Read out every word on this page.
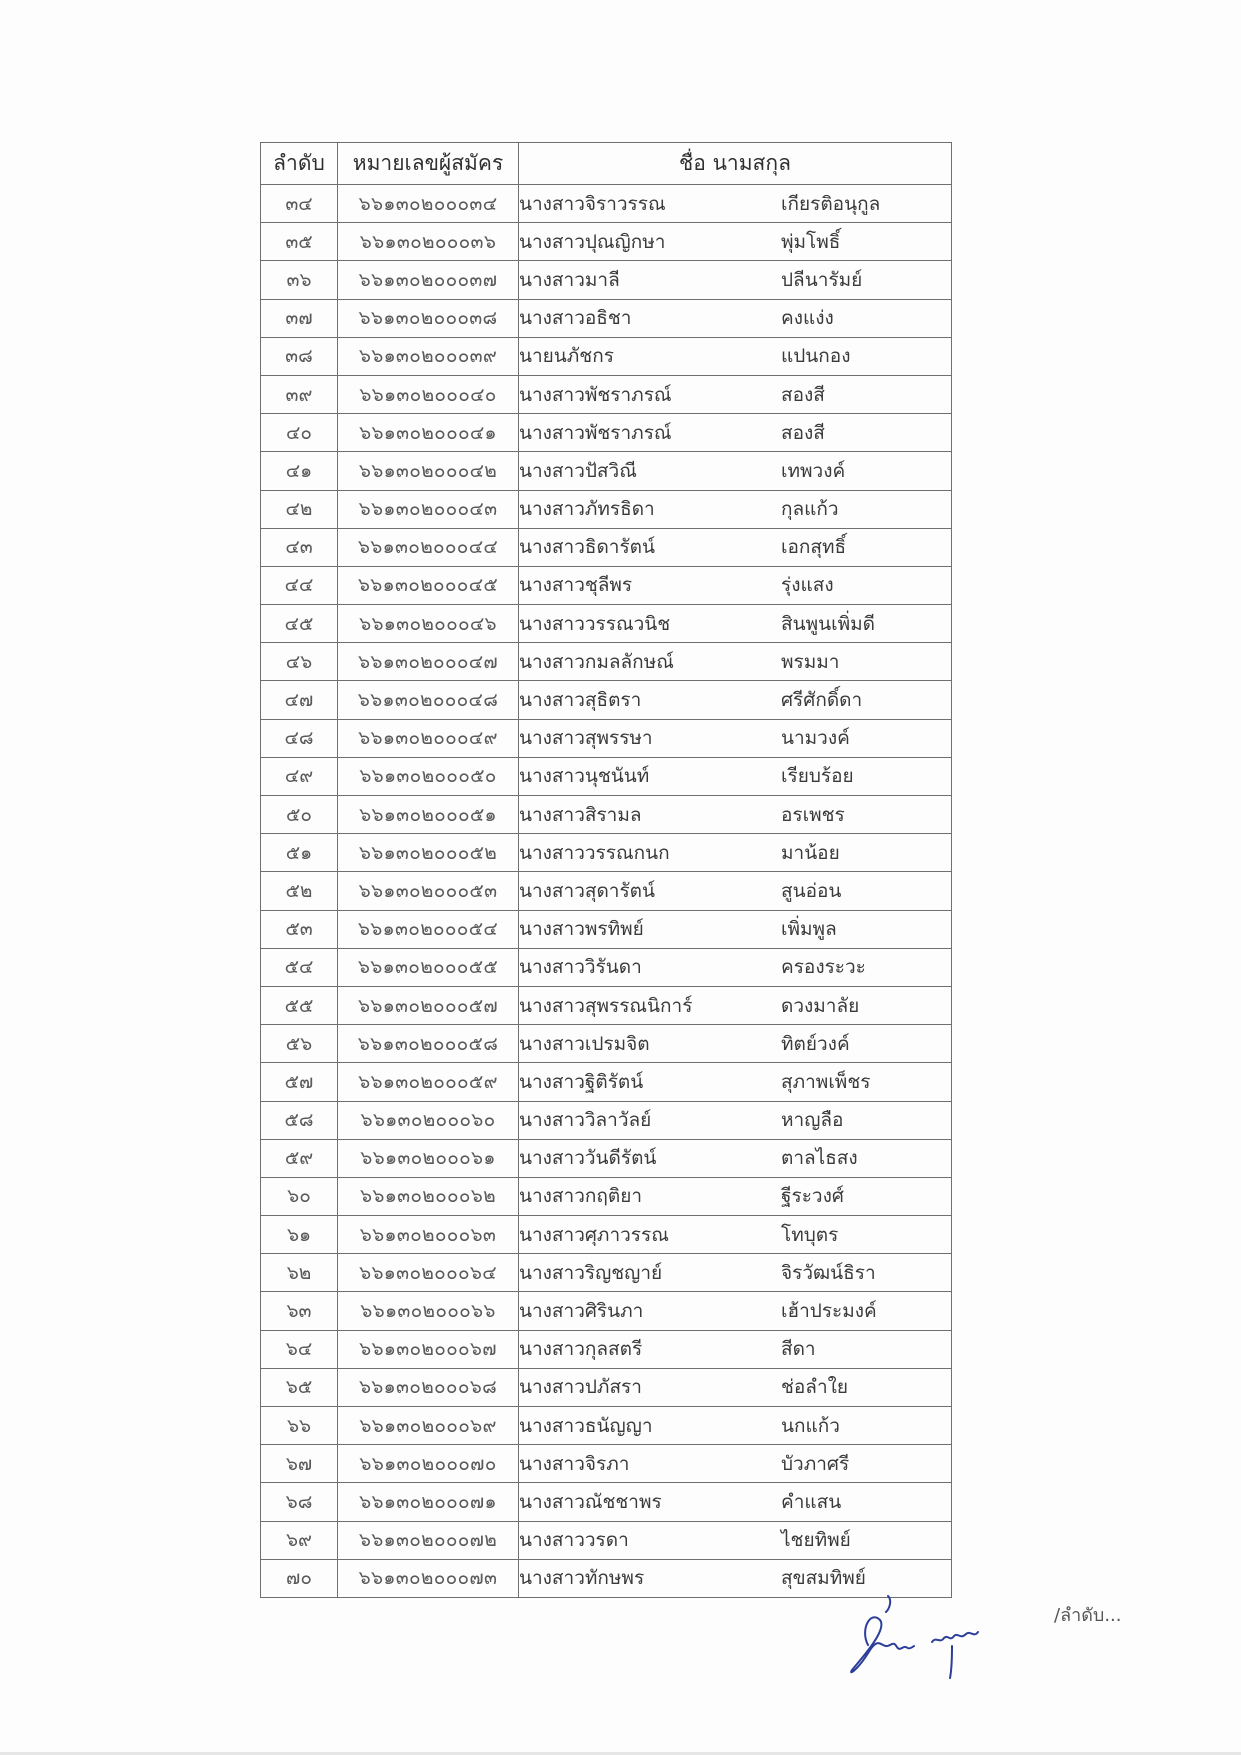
ลำดับ	หมายเลขผู้สมัคร	ชื่อ นามสกุล
๓๔	๖๖๑๓๐๒๐๐๐๓๔	นางสาวจิราวรรณ เกียรติอนุกูล
๓๕	๖๖๑๓๐๒๐๐๐๓๖	นางสาวปุณญิกษา พุ่มโพธิ์
๓๖	๖๖๑๓๐๒๐๐๐๓๗	นางสาวมาลี ปลีนารัมย์
๓๗	๖๖๑๓๐๒๐๐๐๓๘	นางสาวอธิชา คงแง่ง
๓๘	๖๖๑๓๐๒๐๐๐๓๙	นายนภัชกร แปนกอง
๓๙	๖๖๑๓๐๒๐๐๐๔๐	นางสาวพัชราภรณ์ สองสี
๔๐	๖๖๑๓๐๒๐๐๐๔๑	นางสาวพัชราภรณ์ สองสี
๔๑	๖๖๑๓๐๒๐๐๐๔๒	นางสาวปัสวิณี เทพวงค์
๔๒	๖๖๑๓๐๒๐๐๐๔๓	นางสาวภัทรธิดา กุลแก้ว
๔๓	๖๖๑๓๐๒๐๐๐๔๔	นางสาวธิดารัตน์ เอกสุทธิ์
๔๔	๖๖๑๓๐๒๐๐๐๔๕	นางสาวชุลีพร รุ่งแสง
๔๕	๖๖๑๓๐๒๐๐๐๔๖	นางสาววรรณวนิช สินพูนเพิ่มดี
๔๖	๖๖๑๓๐๒๐๐๐๔๗	นางสาวกมลลักษณ์ พรมมา
๔๗	๖๖๑๓๐๒๐๐๐๔๘	นางสาวสุธิตรา ศรีศักดิ์ดา
๔๘	๖๖๑๓๐๒๐๐๐๔๙	นางสาวสุพรรษา นามวงค์
๔๙	๖๖๑๓๐๒๐๐๐๕๐	นางสาวนุชนันท์ เรียบร้อย
๕๐	๖๖๑๓๐๒๐๐๐๕๑	นางสาวสิรามล อรเพชร
๕๑	๖๖๑๓๐๒๐๐๐๕๒	นางสาววรรณกนก มาน้อย
๕๒	๖๖๑๓๐๒๐๐๐๕๓	นางสาวสุดารัตน์ สูนอ่อน
๕๓	๖๖๑๓๐๒๐๐๐๕๔	นางสาวพรทิพย์ เพิ่มพูล
๕๔	๖๖๑๓๐๒๐๐๐๕๕	นางสาววิรันดา ครองระวะ
๕๕	๖๖๑๓๐๒๐๐๐๕๗	นางสาวสุพรรณนิการ์ ดวงมาลัย
๕๖	๖๖๑๓๐๒๐๐๐๕๘	นางสาวเปรมจิต ทิตย์วงค์
๕๗	๖๖๑๓๐๒๐๐๐๕๙	นางสาวฐิติรัตน์ สุภาพเพ็ชร
๕๘	๖๖๑๓๐๒๐๐๐๖๐	นางสาววิลาวัลย์ หาญลือ
๕๙	๖๖๑๓๐๒๐๐๐๖๑	นางสาววันดีรัตน์ ตาลไธสง
๖๐	๖๖๑๓๐๒๐๐๐๖๒	นางสาวกฤติยา ฐีระวงศ์
๖๑	๖๖๑๓๐๒๐๐๐๖๓	นางสาวศุภาวรรณ โทบุตร
๖๒	๖๖๑๓๐๒๐๐๐๖๔	นางสาวริญชญาย์ จิรวัฒน์ธิรา
๖๓	๖๖๑๓๐๒๐๐๐๖๖	นางสาวศิรินภา เฮ้าประมงค์
๖๔	๖๖๑๓๐๒๐๐๐๖๗	นางสาวกุลสตรี สีดา
๖๕	๖๖๑๓๐๒๐๐๐๖๘	นางสาวปภัสรา ช่อลำใย
๖๖	๖๖๑๓๐๒๐๐๐๖๙	นางสาวธนัญญา นกแก้ว
๖๗	๖๖๑๓๐๒๐๐๐๗๐	นางสาวจิรภา บัวภาศรี
๖๘	๖๖๑๓๐๒๐๐๐๗๑	นางสาวณัชชาพร คำแสน
๖๙	๖๖๑๓๐๒๐๐๐๗๒	นางสาววรดา ไชยทิพย์
๗๐	๖๖๑๓๐๒๐๐๐๗๓	นางสาวทักษพร สุขสมทิพย์
/ลำดับ...
